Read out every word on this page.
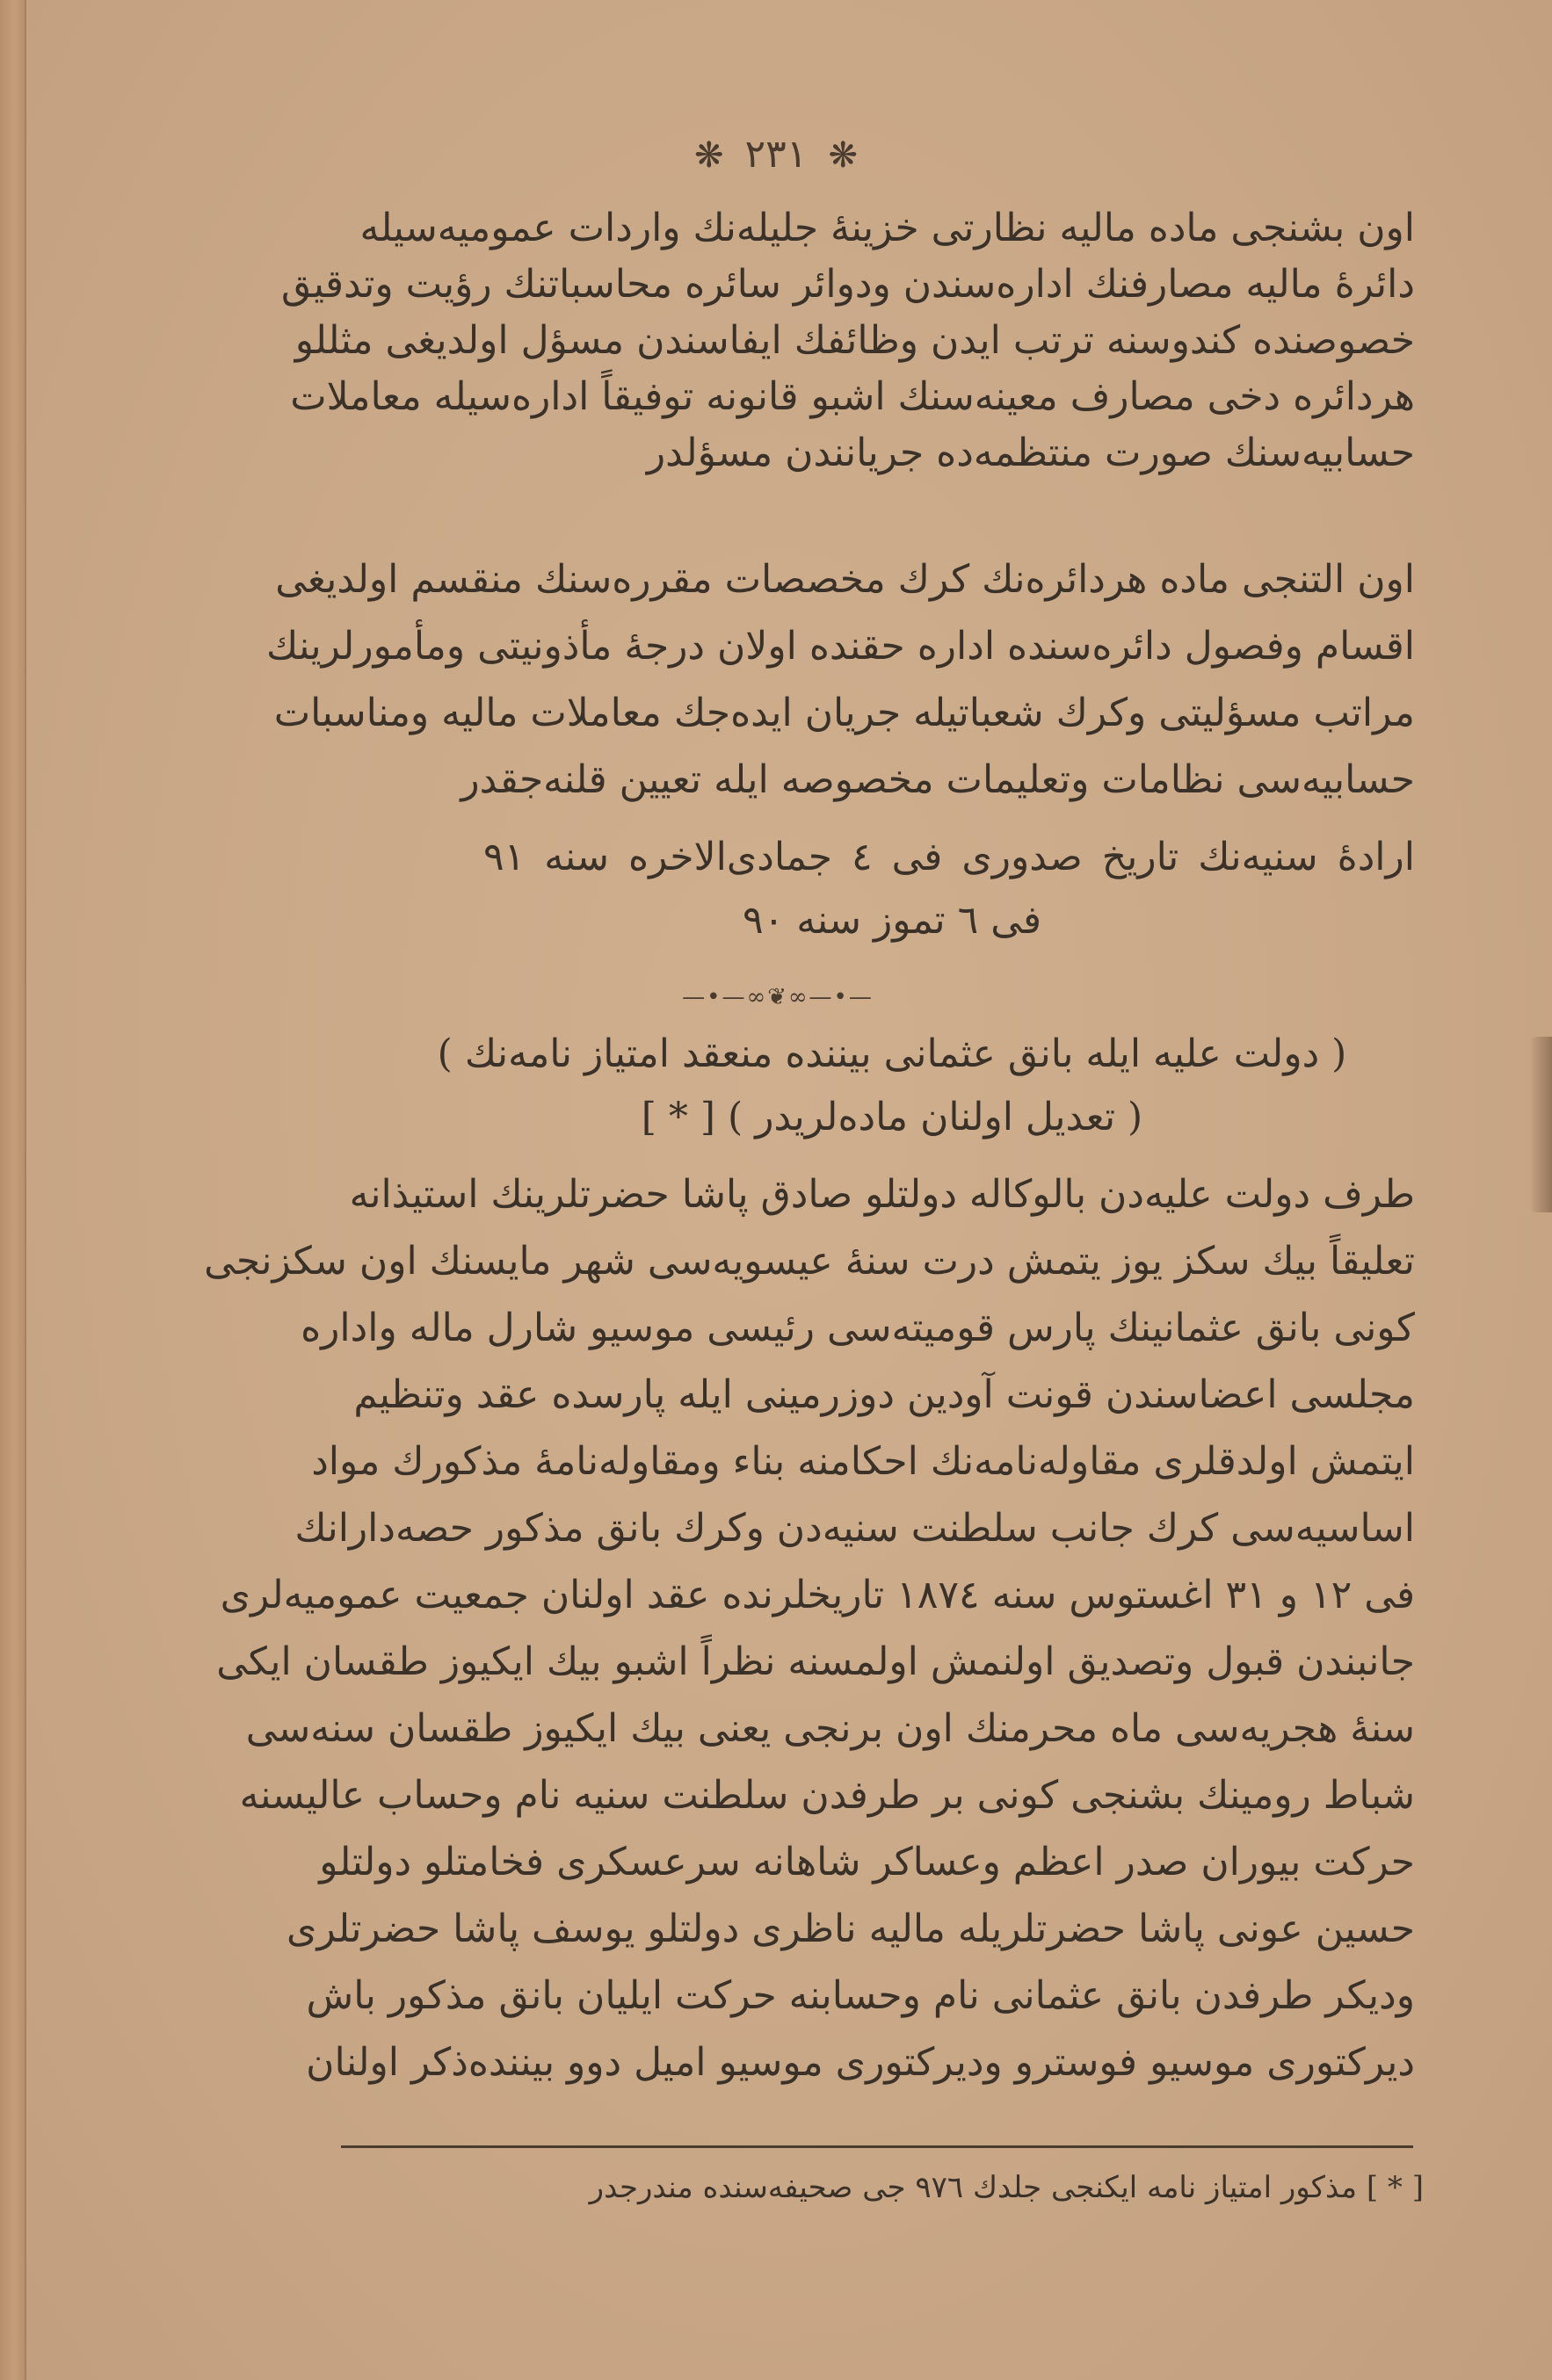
❋ ٢٣١ ❋
اون بشنجی ماده مالیه نظارتی خزینهٔ جلیله‌نك واردات عمومیه‌سیله
دائرهٔ مالیه مصارفنك اداره‌سندن ودوائر سائره محاسباتنك رؤیت وتدقیق
خصوصنده کندوسنه ترتب ایدن وظائفك ایفاسندن مسؤل اولدیغی مثللو
هردائره دخی مصارف معینه‌سنك اشبو قانونه توفیقاً اداره‌سیله معاملات
حسابیه‌سنك صورت منتظمه‌ده جریانندن مسؤلدر
اون التنجی ماده هردائره‌نك كرك مخصصات مقرره‌سنك منقسم اولدیغی
اقسام وفصول دائره‌سنده اداره حقنده اولان درجهٔ مأذونیتی ومأمورلرینك
مراتب مسؤلیتی وكرك شعباتیله جریان ایده‌جك معاملات مالیه ومناسبات
حسابیه‌سی نظامات وتعلیمات مخصوصه ایله تعیین قلنه‌جقدر
ارادهٔ سنیه‌نك تاریخ صدوری فی ٤ جمادی‌الاخره سنه ٩١
فی ٦ تموز سنه ٩٠
—•—∞❦∞—•—
( دولت علیه ایله بانق عثمانی بیننده منعقد امتیاز نامه‌نك )
( تعدیل اولنان ماده‌لریدر ) [ * ]
طرف دولت علیه‌دن بالوكاله دولتلو صادق پاشا حضرتلرینك استیذانه
تعلیقاً بیك سكز یوز یتمش درت سنهٔ عیسویه‌سی شهر مایسنك اون سكزنجی
كونی بانق عثمانینك پارس قومیته‌سی رئیسی موسیو شارل ماله واداره
مجلسی اعضاسندن قونت آودین دوزرمینی ایله پارسده عقد وتنظیم
ایتمش اولدقلری مقاوله‌نامه‌نك احكامنه بناء ومقاوله‌نامهٔ مذكورك مواد
اساسیه‌سی كرك جانب سلطنت سنیه‌دن وكرك بانق مذكور حصه‌دارانك
فی ١٢ و ٣١ اغستوس سنه ١٨٧٤ تاریخلرنده عقد اولنان جمعیت عمومیه‌لری
جانبندن قبول وتصدیق اولنمش اولمسنه نظراً اشبو بیك ایكیوز طقسان ایكی
سنهٔ هجریه‌سی ماه محرمنك اون برنجی یعنی بیك ایكیوز طقسان سنه‌سی
شباط رومینك بشنجی كونی بر طرفدن سلطنت سنیه نام وحساب عالیسنه
حركت بیوران صدر اعظم وعساكر شاهانه سرعسكری فخامتلو دولتلو
حسین عونی پاشا حضرتلریله مالیه ناظری دولتلو یوسف پاشا حضرتلری
ودیكر طرفدن بانق عثمانی نام وحسابنه حركت ایلیان بانق مذكور باش
دیركتوری موسیو فوسترو ودیركتوری موسیو امیل دوو بیننده‌ذكر اولنان
[ * ] مذكور امتیاز نامه ایكنجی جلدك ٩٧٦ جی صحیفه‌سنده مندرجدر
